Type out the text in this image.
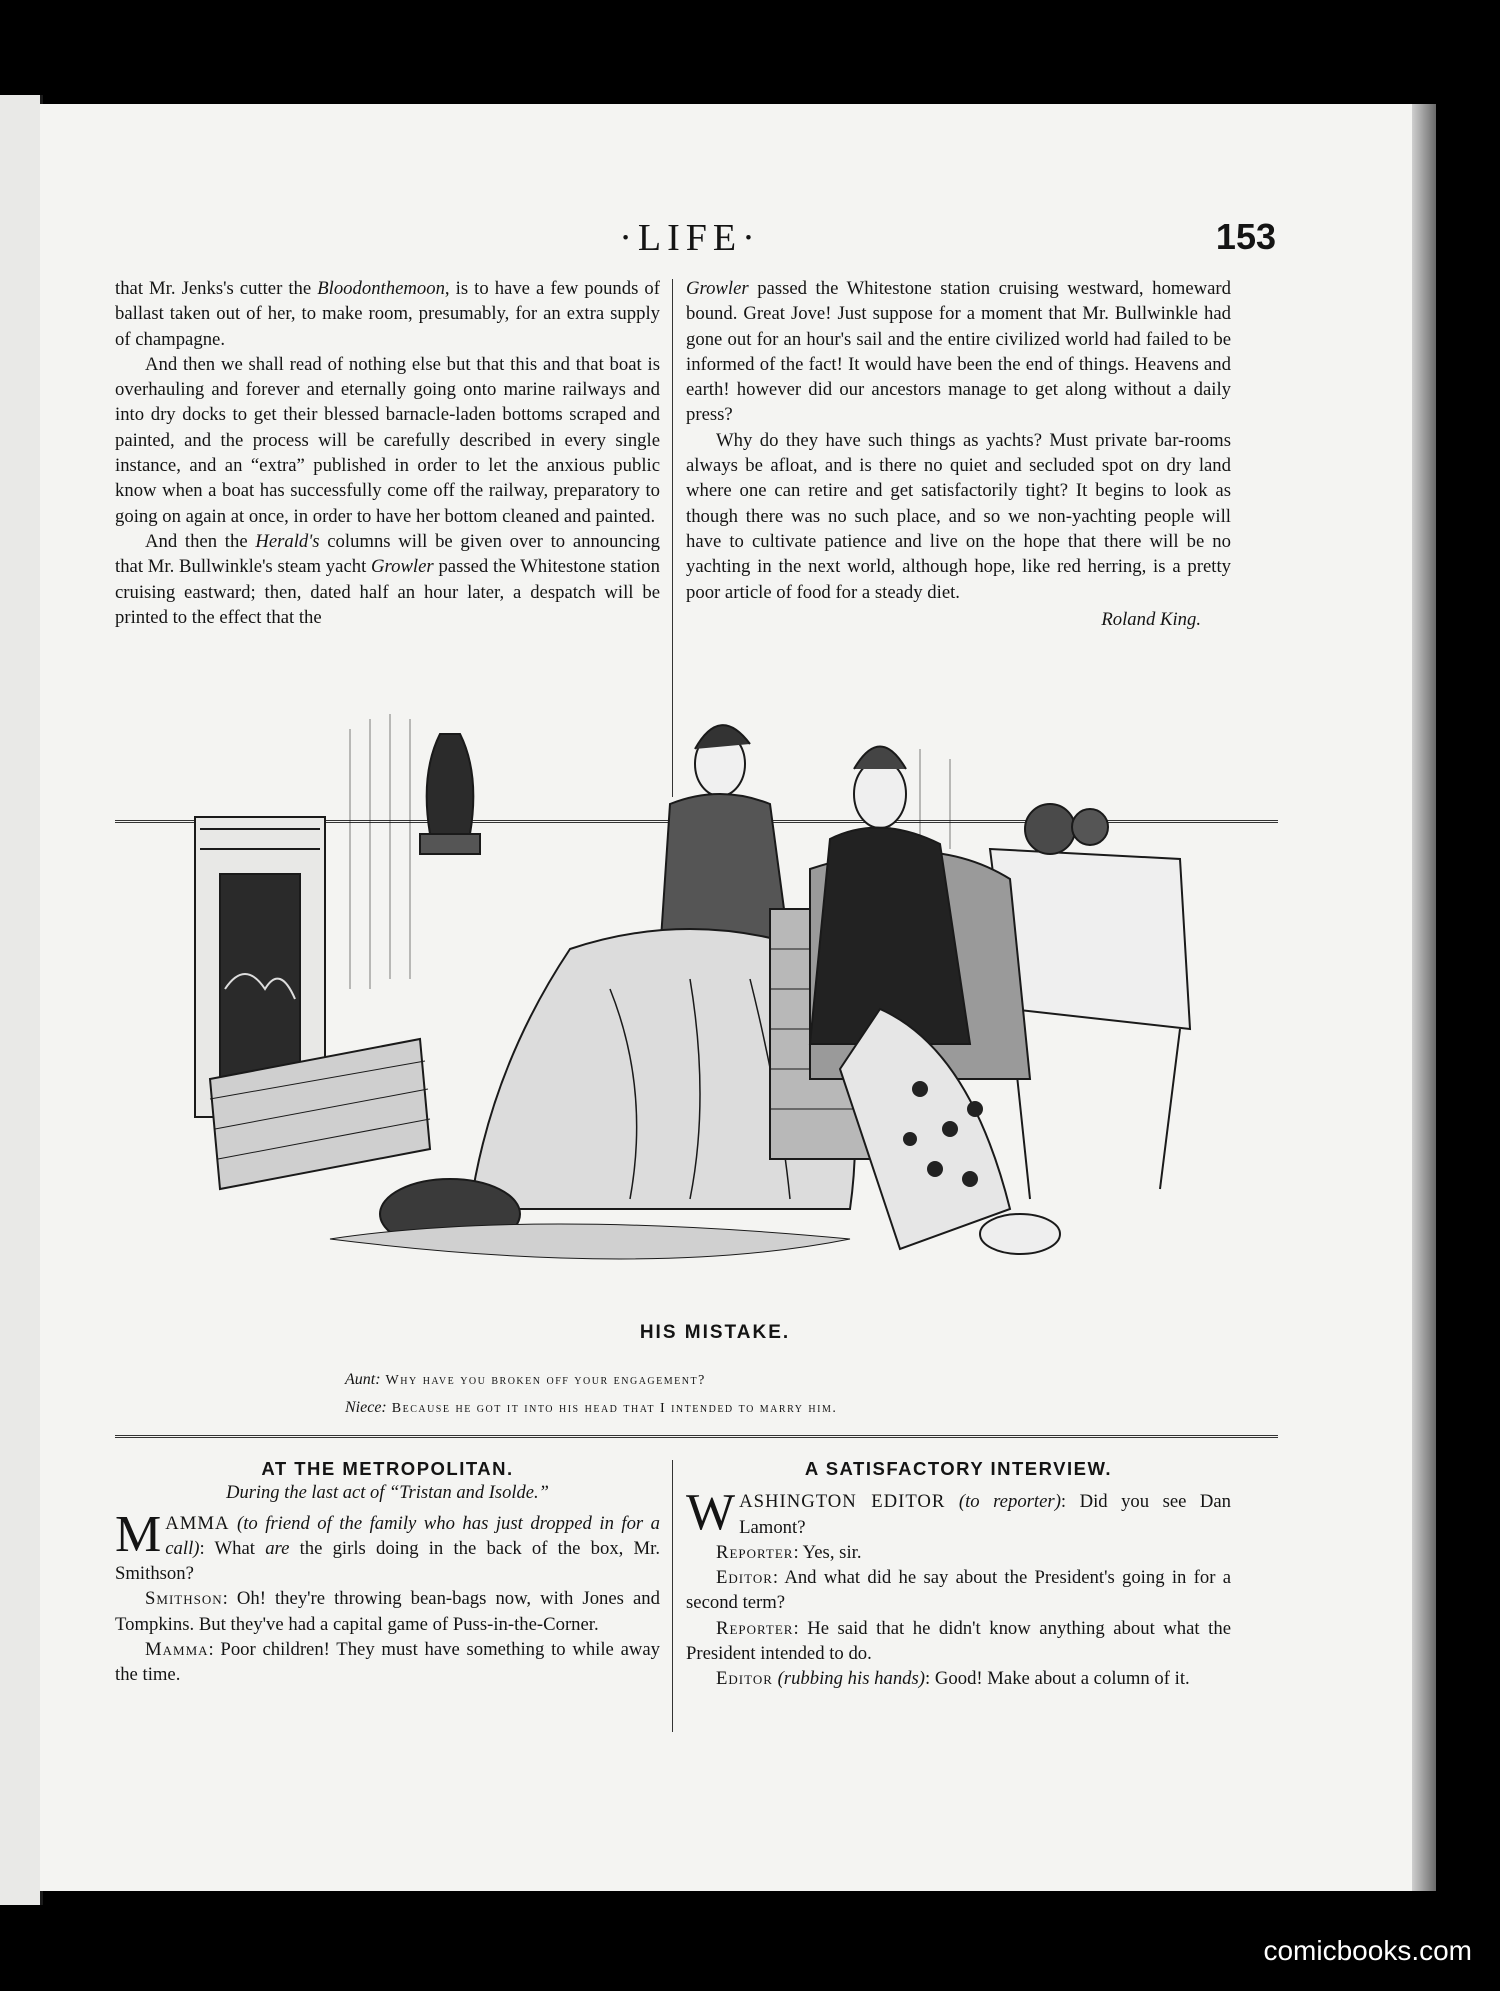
·LIFE·	153

that Mr. Jenks's cutter the Bloodonthemoon, is to have a few pounds of ballast taken out of her, to make room, presumably, for an extra supply of champagne.

And then we shall read of nothing else but that this and that boat is overhauling and forever and eternally going onto marine railways and into dry docks to get their blessed barnacle-laden bottoms scraped and painted, and the process will be carefully described in every single instance, and an “extra” published in order to let the anxious public know when a boat has successfully come off the railway, preparatory to going on again at once, in order to have her bottom cleaned and painted.

And then the Herald's columns will be given over to announcing that Mr. Bullwinkle's steam yacht Growler passed the Whitestone station cruising eastward; then, dated half an hour later, a despatch will be printed to the effect that the

Growler passed the Whitestone station cruising westward, homeward bound. Great Jove! Just suppose for a moment that Mr. Bullwinkle had gone out for an hour's sail and the entire civilized world had failed to be informed of the fact! It would have been the end of things. Heavens and earth! however did our ancestors manage to get along without a daily press?

Why do they have such things as yachts? Must private bar-rooms always be afloat, and is there no quiet and secluded spot on dry land where one can retire and get satisfactorily tight? It begins to look as though there was no such place, and so we non-yachting people will have to cultivate patience and live on the hope that there will be no yachting in the next world, although hope, like red herring, is a pretty poor article of food for a steady diet.

Roland King.
HIS MISTAKE.
Aunt: Why have you broken off your engagement?
Niece: Because he got it into his head that I intended to marry him.
AT THE METROPOLITAN.
During the last act of “Tristan and Isolde.”

MAMMA (to friend of the family who has just dropped in for a call): What are the girls doing in the back of the box, Mr. Smithson?

Smithson: Oh! they're throwing bean-bags now, with Jones and Tompkins. But they've had a capital game of Puss-in-the-Corner.

Mamma: Poor children! They must have something to while away the time.

A SATISFACTORY INTERVIEW.

WASHINGTON EDITOR (to reporter): Did you see Dan Lamont?

Reporter: Yes, sir.

Editor: And what did he say about the President's going in for a second term?

Reporter: He said that he didn't know anything about what the President intended to do.

Editor (rubbing his hands): Good! Make about a column of it.

comicbooks.com
